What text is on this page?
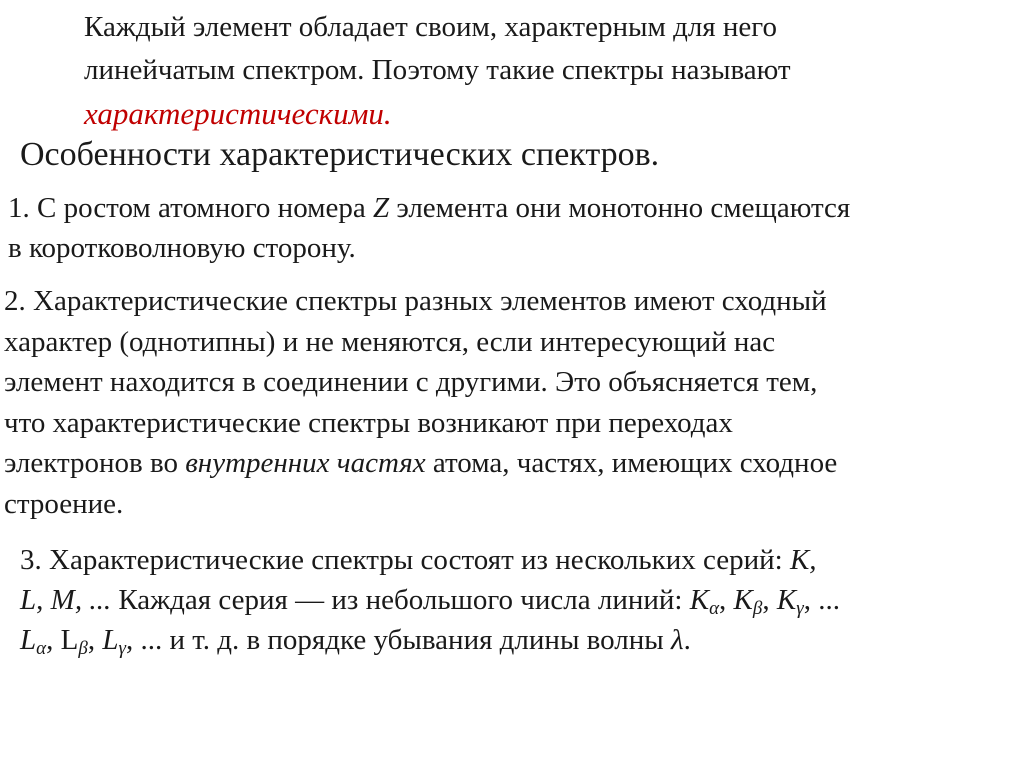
Каждый элемент обладает своим, характерным для него
линейчатым спектром. Поэтому такие спектры называют
характеристическими.

Особенности характеристических спектров.

1. С ростом атомного номера Z элемента они монотонно смещаются
в коротковолновую сторону.

2. Характеристические спектры разных элементов имеют сходный
характер (однотипны) и не меняются, если интересующий нас
элемент находится в соединении с другими. Это объясняется тем,
что характеристические спектры возникают при переходах
электронов во внутренних частях атома, частях, имеющих сходное
строение.

3. Характеристические спектры состоят из нескольких серий: К,
L, M, ... Каждая серия — из небольшого числа линий: $K_\alpha$, $K_\beta$, $K_\gamma$, ...
$L_\alpha$, $L_\beta$, $L_\gamma$, ... и т. д. в порядке убывания длины волны λ.
